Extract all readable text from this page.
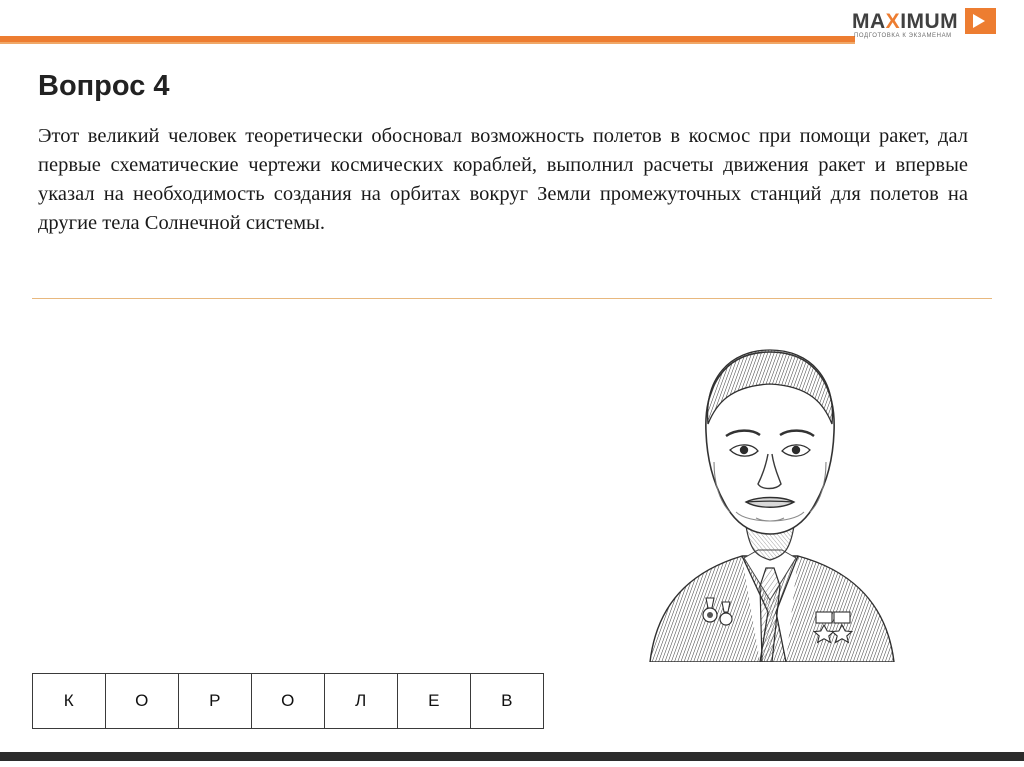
MAXIMUM
ПОДГОТОВКА К ЭКЗАМЕНАМ
Вопрос 4

Этот великий человек теоретически обосновал возможность полетов в космос при помощи ракет, дал первые схематические чертежи космических кораблей, выполнил расчеты движения ракет и впервые указал на необходимость создания на орбитах вокруг Земли промежуточных станций для полетов на другие тела Солнечной системы.

К	О	Р	О	Л	Е	В
